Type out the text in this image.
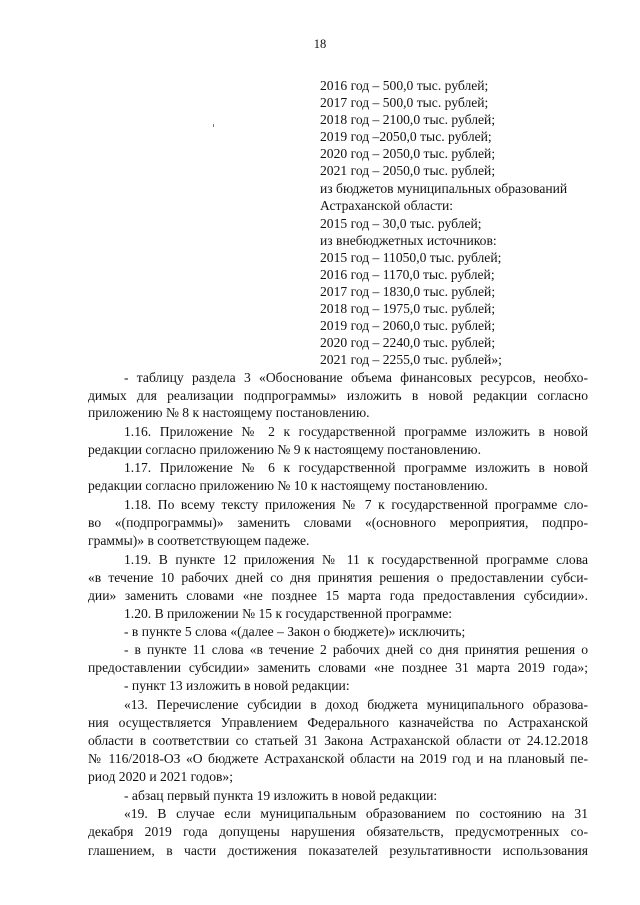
18
2016 год – 500,0 тыс. рублей;
2017 год – 500,0 тыс. рублей;
2018 год – 2100,0 тыс. рублей;
2019 год –2050,0 тыс. рублей;
2020 год – 2050,0 тыс. рублей;
2021 год – 2050,0 тыс. рублей;
из бюджетов муниципальных образований
Астраханской области:
2015 год – 30,0 тыс. рублей;
из внебюджетных источников:
2015 год – 11050,0 тыс. рублей;
2016 год – 1170,0 тыс. рублей;
2017 год – 1830,0 тыс. рублей;
2018 год – 1975,0 тыс. рублей;
2019 год – 2060,0 тыс. рублей;
2020 год – 2240,0 тыс. рублей;
2021 год – 2255,0 тыс. рублей»;
- таблицу раздела 3 «Обоснование объема финансовых ресурсов, необхо-
димых для реализации подпрограммы» изложить в новой редакции согласно
приложению № 8 к настоящему постановлению.
1.16. Приложение № 2 к государственной программе изложить в новой
редакции согласно приложению № 9 к настоящему постановлению.
1.17. Приложение № 6 к государственной программе изложить в новой
редакции согласно приложению № 10 к настоящему постановлению.
1.18. По всему тексту приложения № 7 к государственной программе сло-
во «(подпрограммы)» заменить словами «(основного мероприятия, подпро-
граммы)» в соответствующем падеже.
1.19. В пункте 12 приложения № 11 к государственной программе слова
«в течение 10 рабочих дней со дня принятия решения о предоставлении субси-
дии» заменить словами «не позднее 15 марта года предоставления субсидии».
1.20. В приложении № 15 к государственной программе:
- в пункте 5 слова «(далее – Закон о бюджете)» исключить;
- в пункте 11 слова «в течение 2 рабочих дней со дня принятия решения о
предоставлении субсидии» заменить словами «не позднее 31 марта 2019 года»;
- пункт 13 изложить в новой редакции:
«13. Перечисление субсидии в доход бюджета муниципального образова-
ния осуществляется Управлением Федерального казначейства по Астраханской
области в соответствии со статьей 31 Закона Астраханской области от 24.12.2018
№ 116/2018-ОЗ «О бюджете Астраханской области на 2019 год и на плановый пе-
риод 2020 и 2021 годов»;
- абзац первый пункта 19 изложить в новой редакции:
«19. В случае если муниципальным образованием по состоянию на 31
декабря 2019 года допущены нарушения обязательств, предусмотренных со-
глашением, в части достижения показателей результативности использования
